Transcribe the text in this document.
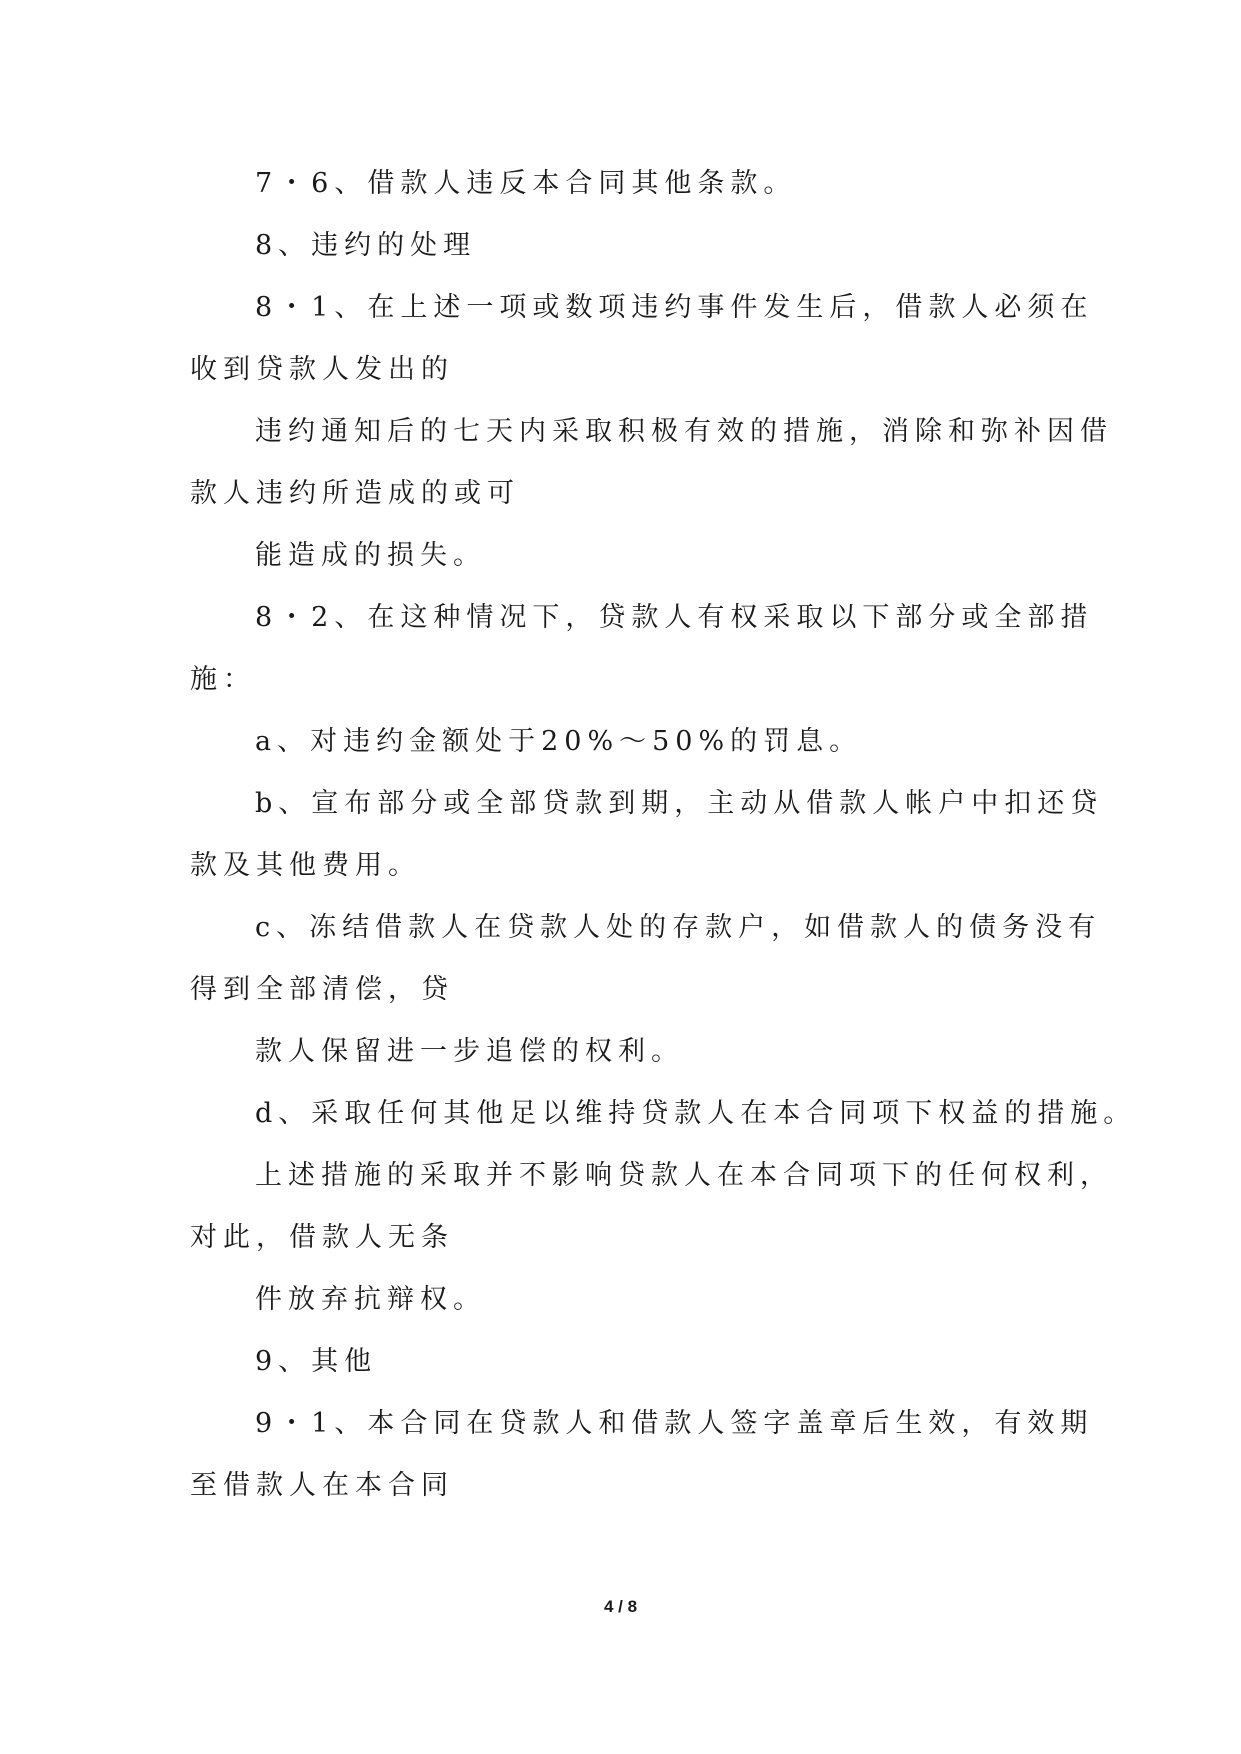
7・6、借款人违反本合同其他条款。
8、违约的处理
8・1、在上述一项或数项违约事件发生后，借款人必须在
收到贷款人发出的
违约通知后的七天内采取积极有效的措施，消除和弥补因借
款人违约所造成的或可
能造成的损失。
8・2、在这种情况下，贷款人有权采取以下部分或全部措
施：
a、对违约金额处于20%～50%的罚息。
b、宣布部分或全部贷款到期，主动从借款人帐户中扣还贷
款及其他费用。
c、冻结借款人在贷款人处的存款户，如借款人的债务没有
得到全部清偿，贷
款人保留进一步追偿的权利。
d、采取任何其他足以维持贷款人在本合同项下权益的措施。
上述措施的采取并不影响贷款人在本合同项下的任何权利，
对此，借款人无条
件放弃抗辩权。
9、其他
9・1、本合同在贷款人和借款人签字盖章后生效，有效期
至借款人在本合同
4 / 8
